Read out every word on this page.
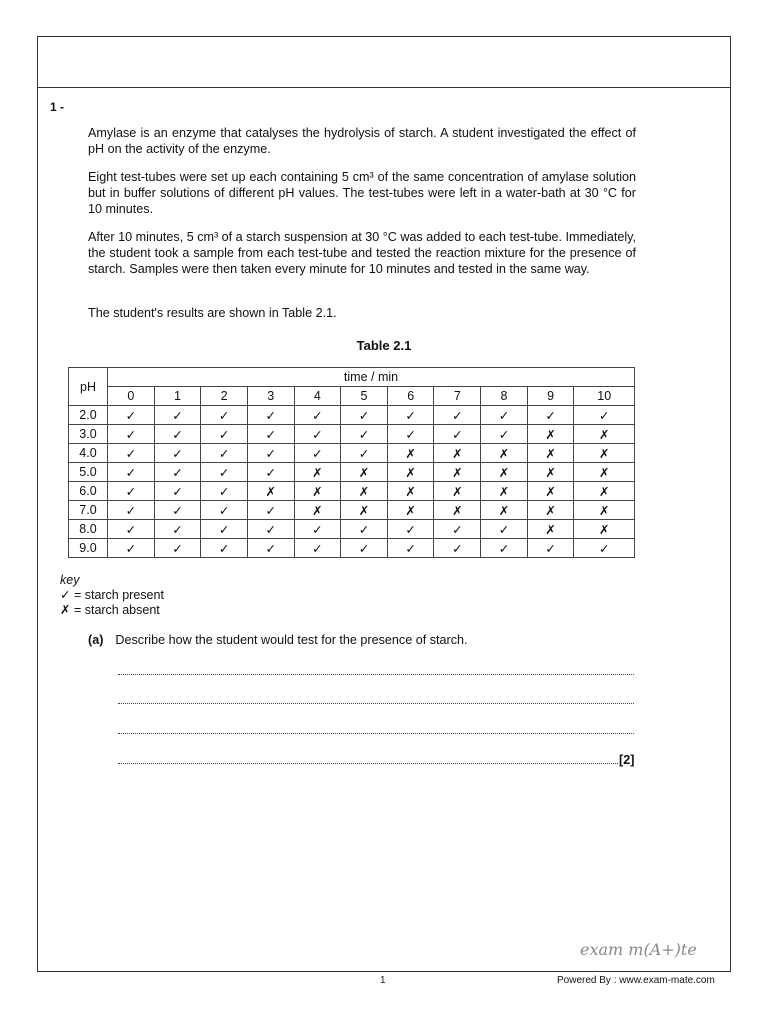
1 -
Amylase is an enzyme that catalyses the hydrolysis of starch. A student investigated the effect of pH on the activity of the enzyme.
Eight test-tubes were set up each containing 5 cm³ of the same concentration of amylase solution but in buffer solutions of different pH values. The test-tubes were left in a water-bath at 30 °C for 10 minutes.
After 10 minutes, 5 cm³ of a starch suspension at 30 °C was added to each test-tube. Immediately, the student took a sample from each test-tube and tested the reaction mixture for the presence of starch. Samples were then taken every minute for 10 minutes and tested in the same way.
The student's results are shown in Table 2.1.
Table 2.1
pH	time / min										
	0	1	2	3	4	5	6	7	8	9	10
2.0	✓	✓	✓	✓	✓	✓	✓	✓	✓	✓	✓
3.0	✓	✓	✓	✓	✓	✓	✓	✓	✓	✗	✗
4.0	✓	✓	✓	✓	✓	✓	✗	✗	✗	✗	✗
5.0	✓	✓	✓	✓	✗	✗	✗	✗	✗	✗	✗
6.0	✓	✓	✓	✗	✗	✗	✗	✗	✗	✗	✗
7.0	✓	✓	✓	✓	✗	✗	✗	✗	✗	✗	✗
8.0	✓	✓	✓	✓	✓	✓	✓	✓	✓	✗	✗
9.0	✓	✓	✓	✓	✓	✓	✓	✓	✓	✓	✓
key
✓ = starch present
✗ = starch absent
(a) Describe how the student would test for the presence of starch.
[2]
exam m(A+)te
1	Powered By : www.exam-mate.com
